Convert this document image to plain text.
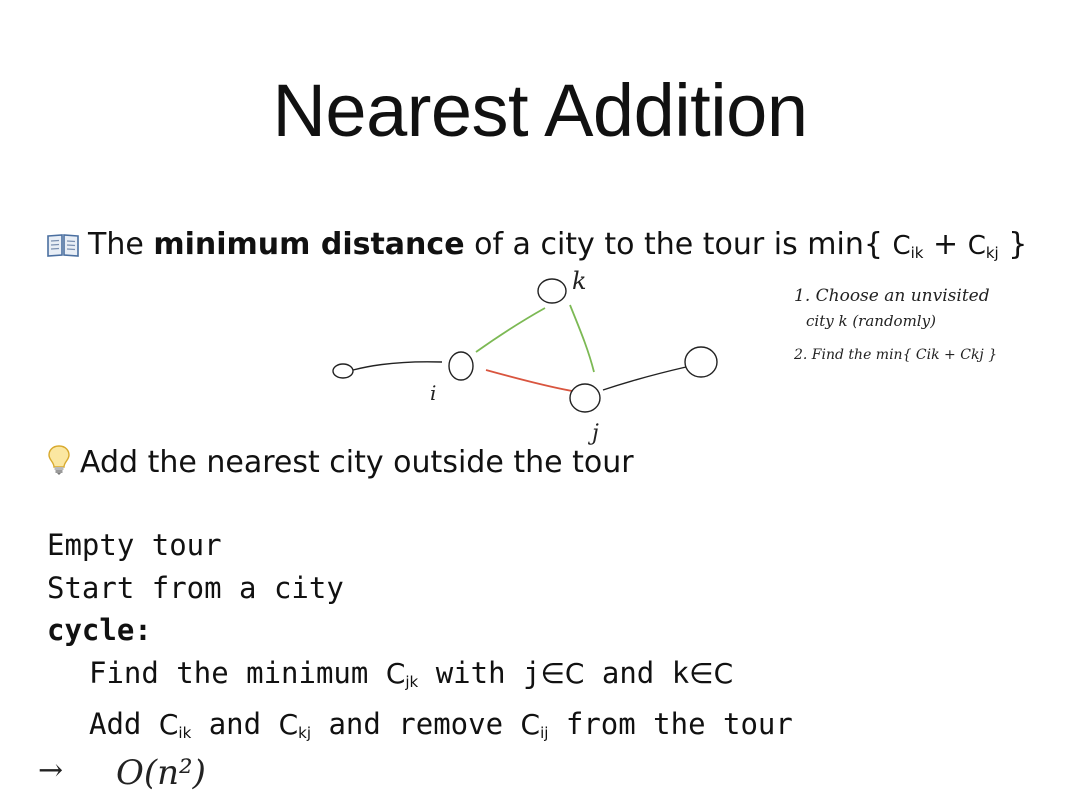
Nearest Addition
The minimum distance of a city to the tour is min{ $C_{ik} + C_{kj}$ }
k
i
j
1. Choose an unvisited
city k (randomly)
2. Find the min{ Cik + Ckj }
→ O(n²)
Add the nearest city outside the tour
Empty tour
Start from a city
cycle:
Find the minimum $C_{jk}$ with j∈C and k∈C
Add $C_{ik}$ and $C_{kj}$ and remove $C_{ij}$ from the tour
